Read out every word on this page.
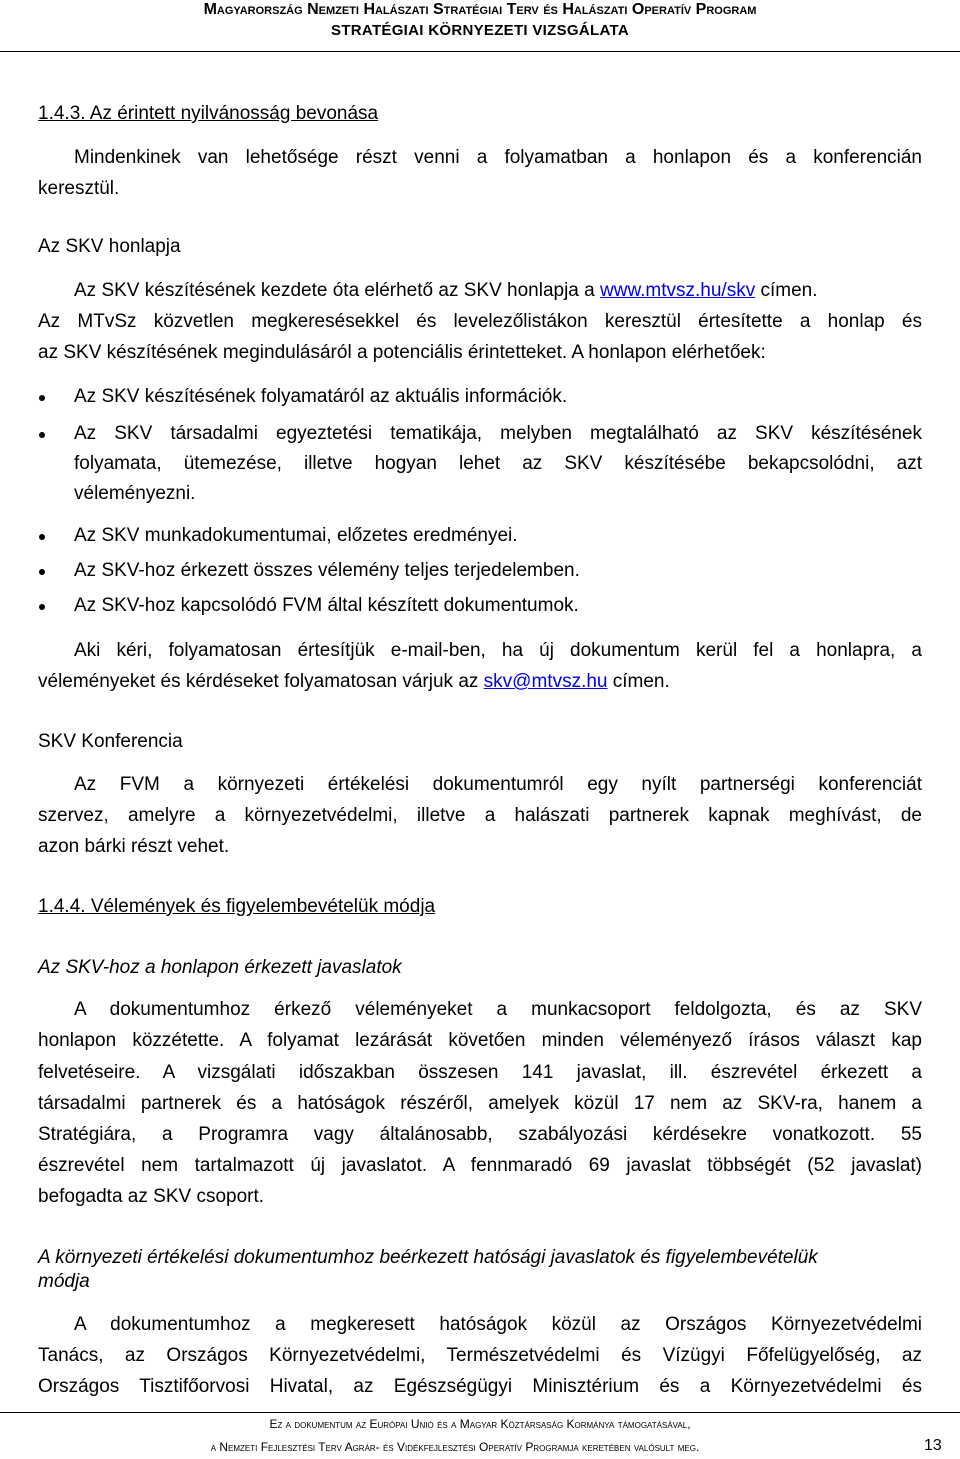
Magyarország Nemzeti Halászati Stratégiai Terv és Halászati Operatív Program
STRATÉGIAI KÖRNYEZETI VIZSGÁLATA
1.4.3. Az érintett nyilvánosság bevonása
Mindenkinek van lehetősége részt venni a folyamatban a honlapon és a konferencián
keresztül.
Az SKV honlapja
Az SKV készítésének kezdete óta elérhető az SKV honlapja a www.mtvsz.hu/skv címen.
Az MTvSz közvetlen megkeresésekkel és levelezőlistákon keresztül értesítette a honlap és
az SKV készítésének megindulásáról a potenciális érintetteket. A honlapon elérhetőek:
Az SKV készítésének folyamatáról az aktuális információk.
Az SKV társadalmi egyeztetési tematikája, melyben megtalálható az SKV készítésének
folyamata, ütemezése, illetve hogyan lehet az SKV készítésébe bekapcsolódni, azt
véleményezni.
Az SKV munkadokumentumai, előzetes eredményei.
Az SKV-hoz érkezett összes vélemény teljes terjedelemben.
Az SKV-hoz kapcsolódó FVM által készített dokumentumok.
Aki kéri, folyamatosan értesítjük e-mail-ben, ha új dokumentum kerül fel a honlapra, a
véleményeket és kérdéseket folyamatosan várjuk az skv@mtvsz.hu címen.
SKV Konferencia
Az FVM a környezeti értékelési dokumentumról egy nyílt partnerségi konferenciát
szervez, amelyre a környezetvédelmi, illetve a halászati partnerek kapnak meghívást, de
azon bárki részt vehet.
1.4.4. Vélemények és figyelembevételük módja
Az SKV-hoz a honlapon érkezett javaslatok
A dokumentumhoz érkező véleményeket a munkacsoport feldolgozta, és az SKV
honlapon közzétette. A folyamat lezárását követően minden véleményező írásos választ kap
felvetéseire. A vizsgálati időszakban összesen 141 javaslat, ill. észrevétel érkezett a
társadalmi partnerek és a hatóságok részéről, amelyek közül 17 nem az SKV-ra, hanem a
Stratégiára, a Programra vagy általánosabb, szabályozási kérdésekre vonatkozott. 55
észrevétel nem tartalmazott új javaslatot. A fennmaradó 69 javaslat többségét (52 javaslat)
befogadta az SKV csoport.
A környezeti értékelési dokumentumhoz beérkezett hatósági javaslatok és figyelembevételük
módja
A dokumentumhoz a megkeresett hatóságok közül az Országos Környezetvédelmi
Tanács, az Országos Környezetvédelmi, Természetvédelmi és Vízügyi Főfelügyelőség, az
Országos Tisztifőorvosi Hivatal, az Egészségügyi Minisztérium és a Környezetvédelmi és
Ez a dokumentum az Európai Unió és a Magyar Köztársaság Kormánya támogatásával,
a Nemzeti Fejlesztési Terv Agrár- és Vidékfejlesztési Operatív Programja keretében valósult meg.	13
